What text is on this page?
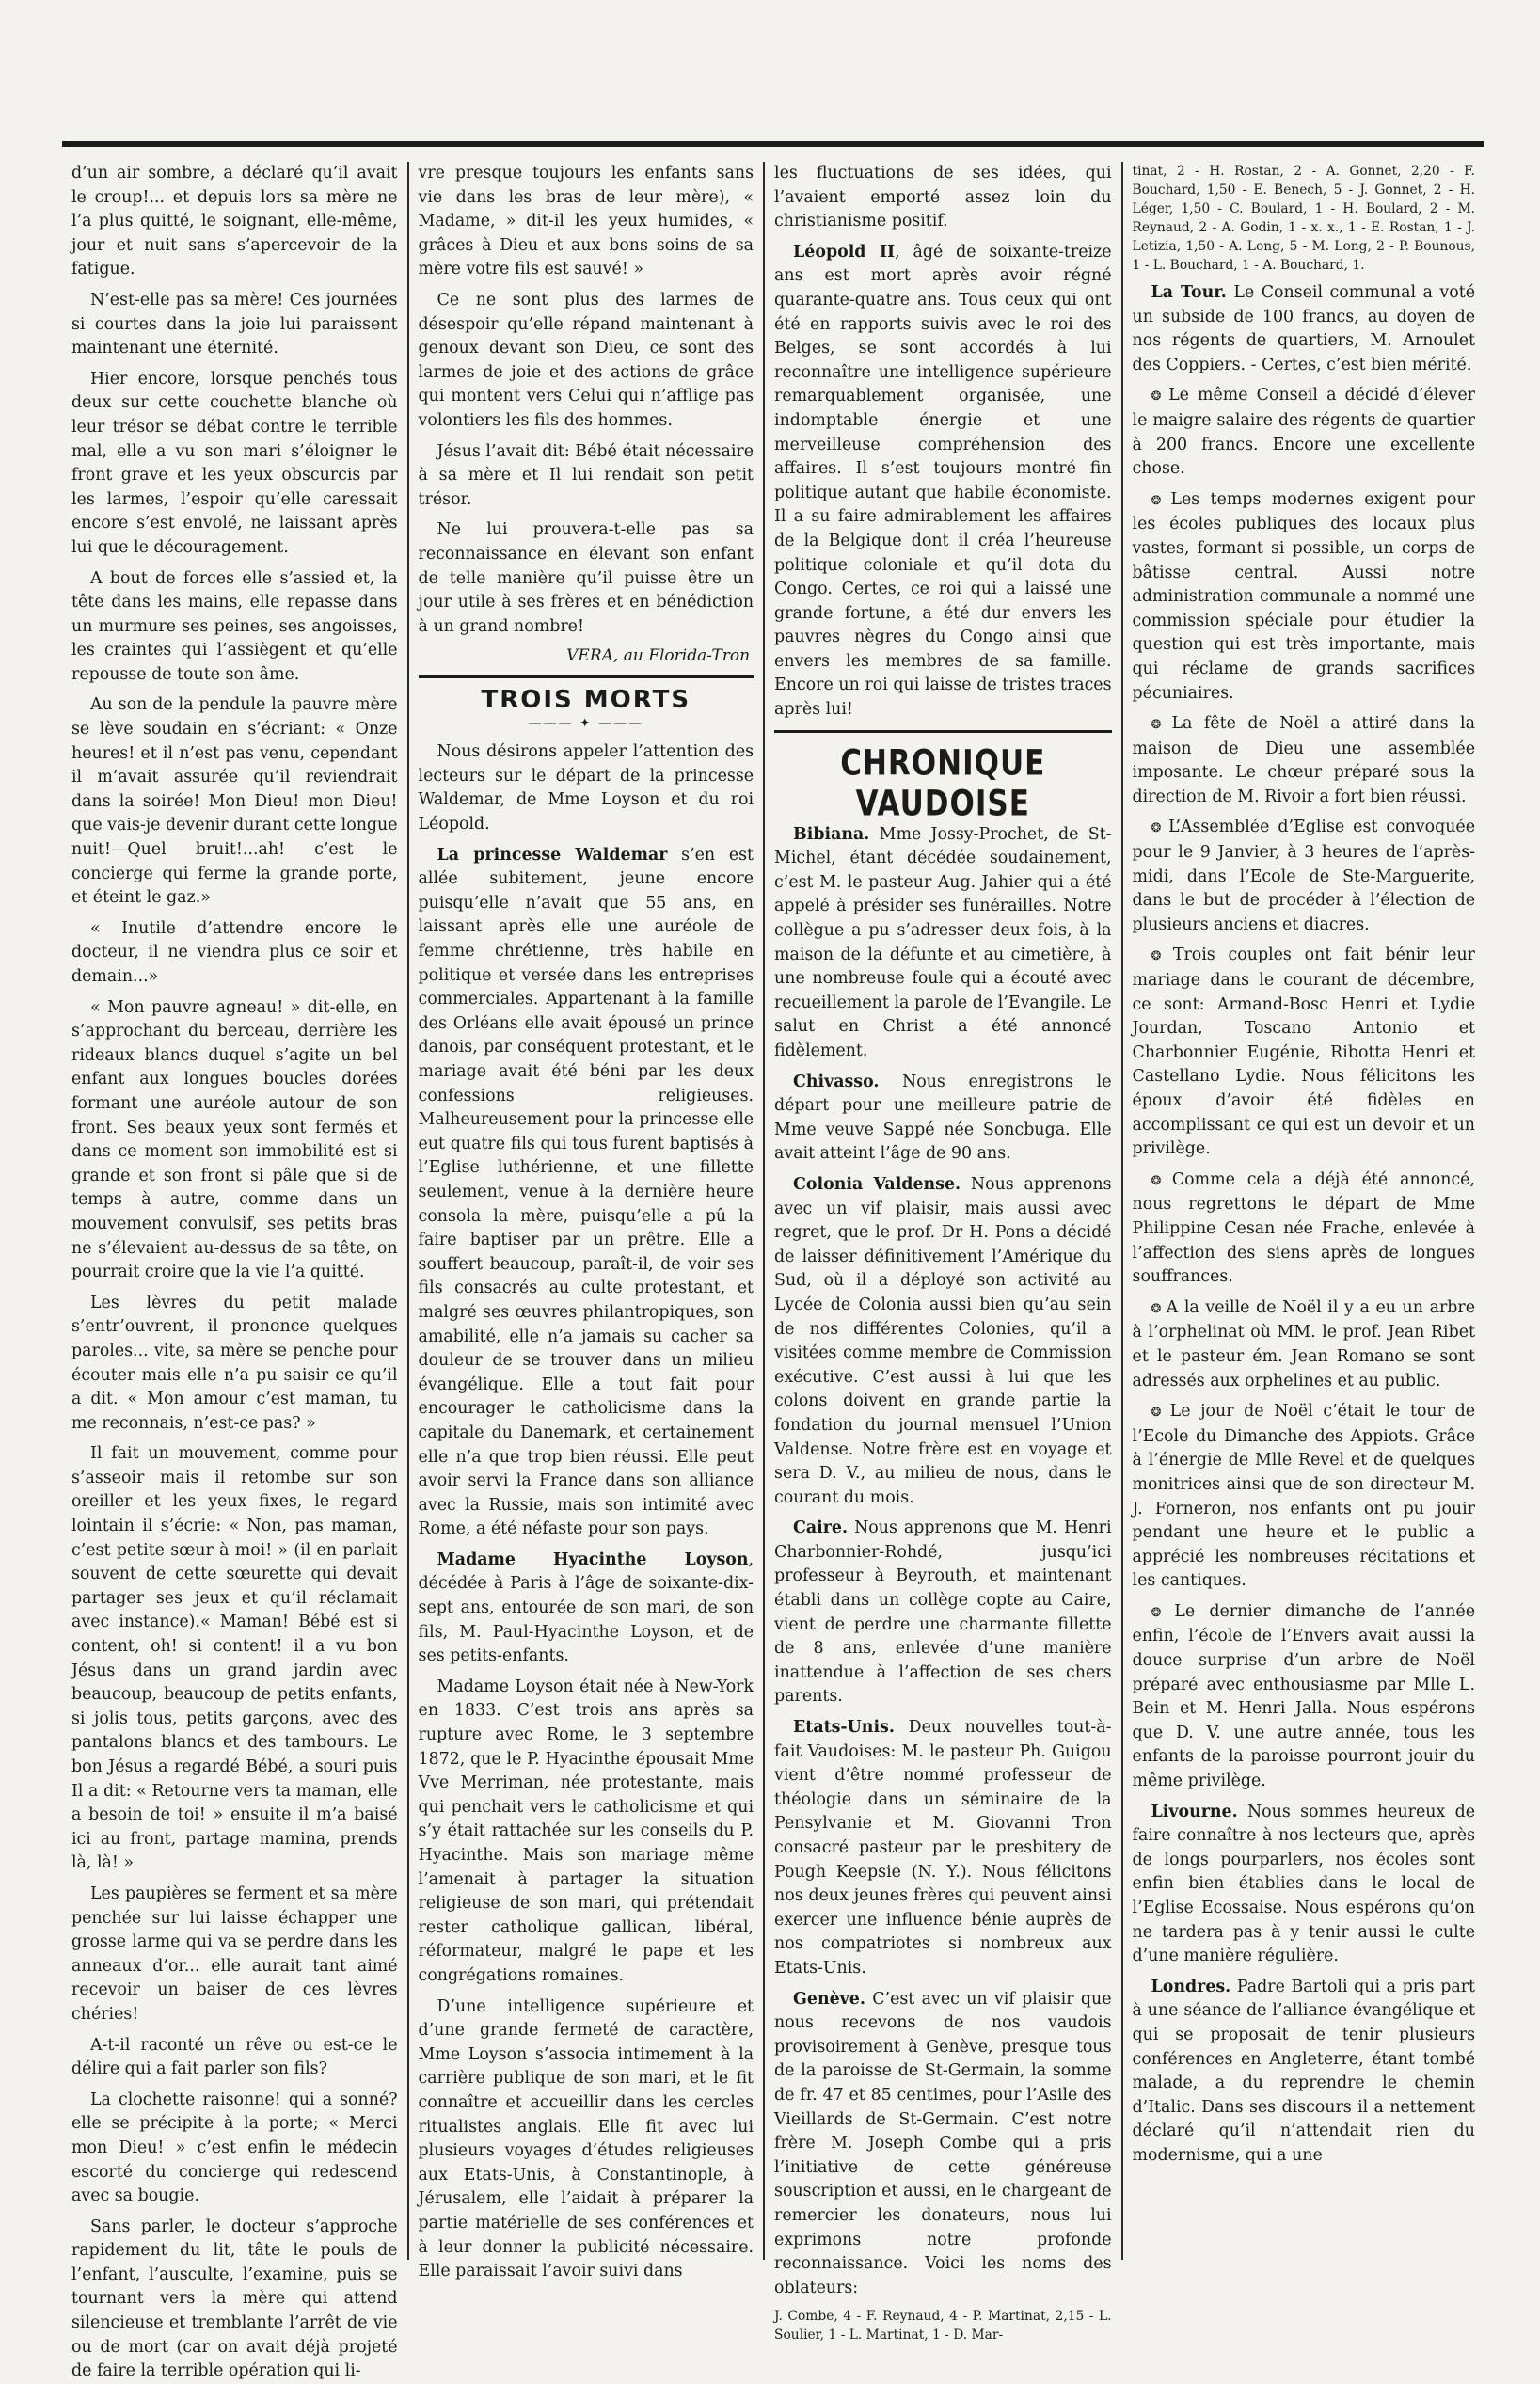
d’un air sombre, a déclaré qu’il avait le croup!... et depuis lors sa mère ne l’a plus quitté, le soignant, elle-même, jour et nuit sans s’apercevoir de la fatigue.

N’est-elle pas sa mère! Ces journées si courtes dans la joie lui paraissent maintenant une éternité.

Hier encore, lorsque penchés tous deux sur cette couchette blanche où leur trésor se débat contre le terrible mal, elle a vu son mari s’éloigner le front grave et les yeux obscurcis par les larmes, l’espoir qu’elle caressait encore s’est envolé, ne laissant après lui que le découragement.

A bout de forces elle s’assied et, la tête dans les mains, elle repasse dans un murmure ses peines, ses angoisses, les craintes qui l’assiègent et qu’elle repousse de toute son âme.

Au son de la pendule la pauvre mère se lève soudain en s’écriant: « Onze heures! et il n’est pas venu, cependant il m’avait assurée qu’il reviendrait dans la soirée! Mon Dieu! mon Dieu! que vais-je devenir durant cette longue nuit!—Quel bruit!...ah! c’est le concierge qui ferme la grande porte, et éteint le gaz.»

« Inutile d’attendre encore le docteur, il ne viendra plus ce soir et demain...»

« Mon pauvre agneau! » dit-elle, en s’approchant du berceau, derrière les rideaux blancs duquel s’agite un bel enfant aux longues boucles dorées formant une auréole autour de son front. Ses beaux yeux sont fermés et dans ce moment son immobilité est si grande et son front si pâle que si de temps à autre, comme dans un mouvement convulsif, ses petits bras ne s’élevaient au-dessus de sa tête, on pourrait croire que la vie l’a quitté.

Les lèvres du petit malade s’entr’ouvrent, il prononce quelques paroles... vite, sa mère se penche pour écouter mais elle n’a pu saisir ce qu’il a dit. « Mon amour c’est maman, tu me reconnais, n’est-ce pas? »

Il fait un mouvement, comme pour s’asseoir mais il retombe sur son oreiller et les yeux fixes, le regard lointain il s’écrie: « Non, pas maman, c’est petite sœur à moi! » (il en parlait souvent de cette sœurette qui devait partager ses jeux et qu’il réclamait avec instance).« Maman! Bébé est si content, oh! si content! il a vu bon Jésus dans un grand jardin avec beaucoup, beaucoup de petits enfants, si jolis tous, petits garçons, avec des pantalons blancs et des tambours. Le bon Jésus a regardé Bébé, a souri puis Il a dit: « Retourne vers ta maman, elle a besoin de toi! » ensuite il m’a baisé ici au front, partage mamina, prends là, là! »

Les paupières se ferment et sa mère penchée sur lui laisse échapper une grosse larme qui va se perdre dans les anneaux d’or... elle aurait tant aimé recevoir un baiser de ces lèvres chéries!

A-t-il raconté un rêve ou est-ce le délire qui a fait parler son fils?

La clochette raisonne! qui a sonné? elle se précipite à la porte; « Merci mon Dieu! » c’est enfin le médecin escorté du concierge qui redescend avec sa bougie.

Sans parler, le docteur s’approche rapidement du lit, tâte le pouls de l’enfant, l’ausculte, l’examine, puis se tournant vers la mère qui attend silencieuse et tremblante l’arrêt de vie ou de mort (car on avait déjà projeté de faire la terrible opération qui li-

vre presque toujours les enfants sans vie dans les bras de leur mère), « Madame, » dit-il les yeux humides, « grâces à Dieu et aux bons soins de sa mère votre fils est sauvé! »

Ce ne sont plus des larmes de désespoir qu’elle répand maintenant à genoux devant son Dieu, ce sont des larmes de joie et des actions de grâce qui montent vers Celui qui n’afflige pas volontiers les fils des hommes.

Jésus l’avait dit: Bébé était nécessaire à sa mère et Il lui rendait son petit trésor.

Ne lui prouvera-t-elle pas sa reconnaissance en élevant son enfant de telle manière qu’il puisse être un jour utile à ses frères et en bénédiction à un grand nombre!

VERA, au Florida-Tron
TROIS MORTS
——— ✦ ———

Nous désirons appeler l’attention des lecteurs sur le départ de la princesse Waldemar, de Mme Loyson et du roi Léopold.

La princesse Waldemar s’en est allée subitement, jeune encore puisqu’elle n’avait que 55 ans, en laissant après elle une auréole de femme chrétienne, très habile en politique et versée dans les entreprises commerciales. Appartenant à la famille des Orléans elle avait épousé un prince danois, par conséquent protestant, et le mariage avait été béni par les deux confessions religieuses. Malheureusement pour la princesse elle eut quatre fils qui tous furent baptisés à l’Eglise luthérienne, et une fillette seulement, venue à la dernière heure consola la mère, puisqu’elle a pû la faire baptiser par un prêtre. Elle a souffert beaucoup, paraît-il, de voir ses fils consacrés au culte protestant, et malgré ses œuvres philantropiques, son amabilité, elle n’a jamais su cacher sa douleur de se trouver dans un milieu évangélique. Elle a tout fait pour encourager le catholicisme dans la capitale du Danemark, et certainement elle n’a que trop bien réussi. Elle peut avoir servi la France dans son alliance avec la Russie, mais son intimité avec Rome, a été néfaste pour son pays.

Madame Hyacinthe Loyson, décédée à Paris à l’âge de soixante-dix-sept ans, entourée de son mari, de son fils, M. Paul-Hyacinthe Loyson, et de ses petits-enfants.

Madame Loyson était née à New-York en 1833. C’est trois ans après sa rupture avec Rome, le 3 septembre 1872, que le P. Hyacinthe épousait Mme Vve Merriman, née protestante, mais qui penchait vers le catholicisme et qui s’y était rattachée sur les conseils du P. Hyacinthe. Mais son mariage même l’amenait à partager la situation religieuse de son mari, qui prétendait rester catholique gallican, libéral, réformateur, malgré le pape et les congrégations romaines.

D’une intelligence supérieure et d’une grande fermeté de caractère, Mme Loyson s’associa intimement à la carrière publique de son mari, et le fit connaître et accueillir dans les cercles ritualistes anglais. Elle fit avec lui plusieurs voyages d’études religieuses aux Etats-Unis, à Constantinople, à Jérusalem, elle l’aidait à préparer la partie matérielle de ses conférences et à leur donner la publicité nécessaire. Elle paraissait l’avoir suivi dans

les fluctuations de ses idées, qui l’avaient emporté assez loin du christianisme positif.

Léopold II, âgé de soixante-treize ans est mort après avoir régné quarante-quatre ans. Tous ceux qui ont été en rapports suivis avec le roi des Belges, se sont accordés à lui reconnaître une intelligence supérieure remarquablement organisée, une indomptable énergie et une merveilleuse compréhension des affaires. Il s’est toujours montré fin politique autant que habile économiste. Il a su faire admirablement les affaires de la Belgique dont il créa l’heureuse politique coloniale et qu’il dota du Congo. Certes, ce roi qui a laissé une grande fortune, a été dur envers les pauvres nègres du Congo ainsi que envers les membres de sa famille. Encore un roi qui laisse de tristes traces après lui!

CHRONIQUE VAUDOISE

Bibiana. Mme Jossy-Prochet, de St-Michel, étant décédée soudainement, c’est M. le pasteur Aug. Jahier qui a été appelé à présider ses funérailles. Notre collègue a pu s’adresser deux fois, à la maison de la défunte et au cimetière, à une nombreuse foule qui a écouté avec recueillement la parole de l’Evangile. Le salut en Christ a été annoncé fidèlement.

Chivasso. Nous enregistrons le départ pour une meilleure patrie de Mme veuve Sappé née Soncbuga. Elle avait atteint l’âge de 90 ans.

Colonia Valdense. Nous apprenons avec un vif plaisir, mais aussi avec regret, que le prof. Dr H. Pons a décidé de laisser définitivement l’Amérique du Sud, où il a déployé son activité au Lycée de Colonia aussi bien qu’au sein de nos différentes Colonies, qu’il a visitées comme membre de Commission exécutive. C’est aussi à lui que les colons doivent en grande partie la fondation du journal mensuel l’Union Valdense. Notre frère est en voyage et sera D. V., au milieu de nous, dans le courant du mois.

Caire. Nous apprenons que M. Henri Charbonnier-Rohdé, jusqu’ici professeur à Beyrouth, et maintenant établi dans un collège copte au Caire, vient de perdre une charmante fillette de 8 ans, enlevée d’une manière inattendue à l’affection de ses chers parents.

Etats-Unis. Deux nouvelles tout-à-fait Vaudoises: M. le pasteur Ph. Guigou vient d’être nommé professeur de théologie dans un séminaire de la Pensylvanie et M. Giovanni Tron consacré pasteur par le presbitery de Pough Keepsie (N. Y.). Nous félicitons nos deux jeunes frères qui peuvent ainsi exercer une influence bénie auprès de nos compatriotes si nombreux aux Etats-Unis.

Genève. C’est avec un vif plaisir que nous recevons de nos vaudois provisoirement à Genève, presque tous de la paroisse de St-Germain, la somme de fr. 47 et 85 centimes, pour l’Asile des Vieillards de St-Germain. C’est notre frère M. Joseph Combe qui a pris l’initiative de cette généreuse souscription et aussi, en le chargeant de remercier les donateurs, nous lui exprimons notre profonde reconnaissance. Voici les noms des oblateurs:

J. Combe, 4 - F. Reynaud, 4 - P. Martinat, 2,15 - L. Soulier, 1 - L. Martinat, 1 - D. Mar-

tinat, 2 - H. Rostan, 2 - A. Gonnet, 2,20 - F. Bouchard, 1,50 - E. Benech, 5 - J. Gonnet, 2 - H. Léger, 1,50 - C. Boulard, 1 - H. Boulard, 2 - M. Reynaud, 2 - A. Godin, 1 - x. x., 1 - E. Rostan, 1 - J. Letizia, 1,50 - A. Long, 5 - M. Long, 2 - P. Bounous, 1 - L. Bouchard, 1 - A. Bouchard, 1.

La Tour. Le Conseil communal a voté un subside de 100 francs, au doyen de nos régents de quartiers, M. Arnoulet des Coppiers. - Certes, c’est bien mérité.

❂ Le même Conseil a décidé d’élever le maigre salaire des régents de quartier à 200 francs. Encore une excellente chose.

❂ Les temps modernes exigent pour les écoles publiques des locaux plus vastes, formant si possible, un corps de bâtisse central. Aussi notre administration communale a nommé une commission spéciale pour étudier la question qui est très importante, mais qui réclame de grands sacrifices pécuniaires.

❂ La fête de Noël a attiré dans la maison de Dieu une assemblée imposante. Le chœur préparé sous la direction de M. Rivoir a fort bien réussi.

❂ L’Assemblée d’Eglise est convoquée pour le 9 Janvier, à 3 heures de l’après-midi, dans l’Ecole de Ste-Marguerite, dans le but de procéder à l’élection de plusieurs anciens et diacres.

❂ Trois couples ont fait bénir leur mariage dans le courant de décembre, ce sont: Armand-Bosc Henri et Lydie Jourdan, Toscano Antonio et Charbonnier Eugénie, Ribotta Henri et Castellano Lydie. Nous félicitons les époux d’avoir été fidèles en accomplissant ce qui est un devoir et un privilège.

❂ Comme cela a déjà été annoncé, nous regrettons le départ de Mme Philippine Cesan née Frache, enlevée à l’affection des siens après de longues souffrances.

❂ A la veille de Noël il y a eu un arbre à l’orphelinat où MM. le prof. Jean Ribet et le pasteur ém. Jean Romano se sont adressés aux orphelines et au public.

❂ Le jour de Noël c’était le tour de l’Ecole du Dimanche des Appiots. Grâce à l’énergie de Mlle Revel et de quelques monitrices ainsi que de son directeur M. J. Forneron, nos enfants ont pu jouir pendant une heure et le public a apprécié les nombreuses récitations et les cantiques.

❂ Le dernier dimanche de l’année enfin, l’école de l’Envers avait aussi la douce surprise d’un arbre de Noël préparé avec enthousiasme par Mlle L. Bein et M. Henri Jalla. Nous espérons que D. V. une autre année, tous les enfants de la paroisse pourront jouir du même privilège.

Livourne. Nous sommes heureux de faire connaître à nos lecteurs que, après de longs pourparlers, nos écoles sont enfin bien établies dans le local de l’Eglise Ecossaise. Nous espérons qu’on ne tardera pas à y tenir aussi le culte d’une manière régulière.

Londres. Padre Bartoli qui a pris part à une séance de l’alliance évangélique et qui se proposait de tenir plusieurs conférences en Angleterre, étant tombé malade, a du reprendre le chemin d’Italic. Dans ses discours il a nettement déclaré qu’il n’attendait rien du modernisme, qui a une
